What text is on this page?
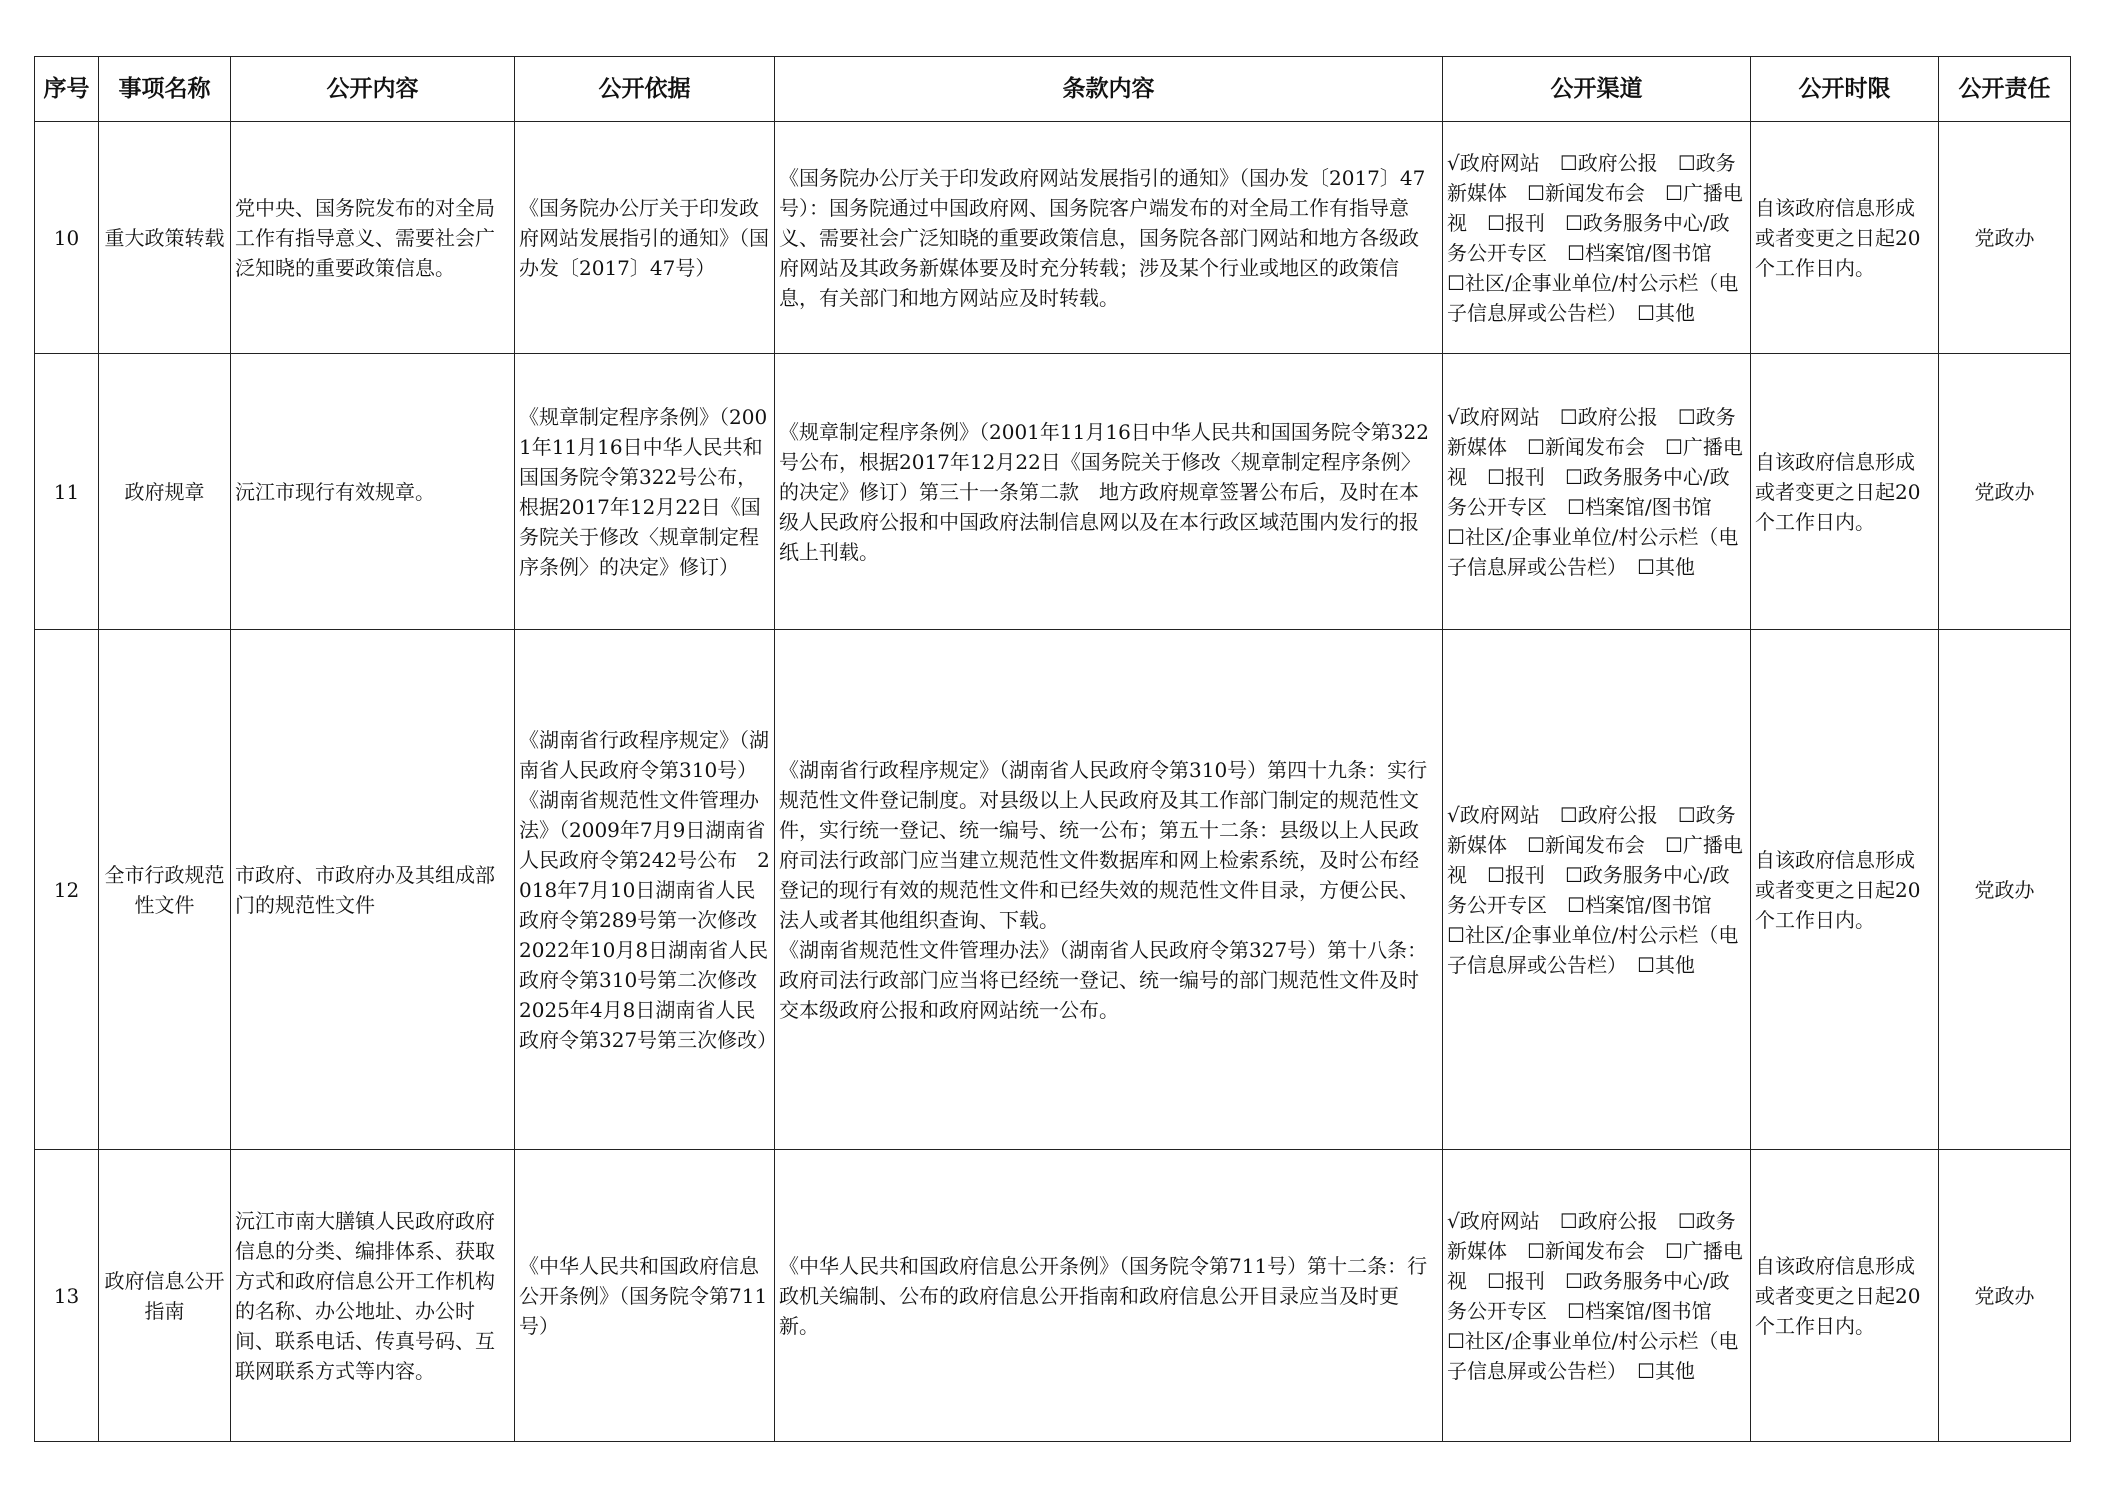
序号	事项名称	公开内容	公开依据	条款内容	公开渠道	公开时限	公开责任
10	重大政策转载	党中央、国务院发布的对全局工作有指导意义、需要社会广泛知晓的重要政策信息。	《国务院办公厅关于印发政府网站发展指引的通知》（国办发〔2017〕47号）	《国务院办公厅关于印发政府网站发展指引的通知》（国办发〔2017〕47号）：国务院通过中国政府网、国务院客户端发布的对全局工作有指导意义、需要社会广泛知晓的重要政策信息，国务院各部门网站和地方各级政府网站及其政务新媒体要及时充分转载；涉及某个行业或地区的政策信息，有关部门和地方网站应及时转载。	√政府网站　 ☐政府公报　 ☐政务新媒体　 ☐新闻发布会　 ☐广播电视　 ☐报刊　 ☐政务服务中心/政务公开专区　 ☐档案馆/图书馆　☐社区/企事业单位/村公示栏（电子信息屏或公告栏）　 ☐其他	自该政府信息形成或者变更之日起20个工作日内。	党政办
11	政府规章	沅江市现行有效规章。	《规章制定程序条例》（2001年11月16日中华人民共和国国务院令第322号公布，根据2017年12月22日《国务院关于修改〈规章制定程序条例〉的决定》修订）	《规章制定程序条例》（2001年11月16日中华人民共和国国务院令第322号公布，根据2017年12月22日《国务院关于修改〈规章制定程序条例〉的决定》修订）第三十一条第二款　地方政府规章签署公布后，及时在本级人民政府公报和中国政府法制信息网以及在本行政区域范围内发行的报纸上刊载。	√政府网站　 ☐政府公报　 ☐政务新媒体　 ☐新闻发布会　 ☐广播电视　 ☐报刊　 ☐政务服务中心/政务公开专区　 ☐档案馆/图书馆　☐社区/企事业单位/村公示栏（电子信息屏或公告栏）　 ☐其他	自该政府信息形成或者变更之日起20个工作日内。	党政办
12	全市行政规范性文件	市政府、市政府办及其组成部门的规范性文件	《湖南省行政程序规定》（湖南省人民政府令第310号）
《湖南省规范性文件管理办法》（2009年7月9日湖南省人民政府令第242号公布　2018年7月10日湖南省人民政府令第289号第一次修改　2022年10月8日湖南省人民政府令第310号第二次修改　2025年4月8日湖南省人民政府令第327号第三次修改）	《湖南省行政程序规定》（湖南省人民政府令第310号）第四十九条：实行规范性文件登记制度。对县级以上人民政府及其工作部门制定的规范性文件，实行统一登记、统一编号、统一公布；第五十二条：县级以上人民政府司法行政部门应当建立规范性文件数据库和网上检索系统，及时公布经登记的现行有效的规范性文件和已经失效的规范性文件目录，方便公民、法人或者其他组织查询、下载。
《湖南省规范性文件管理办法》（湖南省人民政府令第327号）第十八条：政府司法行政部门应当将已经统一登记、统一编号的部门规范性文件及时交本级政府公报和政府网站统一公布。	√政府网站　 ☐政府公报　 ☐政务新媒体　 ☐新闻发布会　 ☐广播电视　 ☐报刊　 ☐政务服务中心/政务公开专区　 ☐档案馆/图书馆　☐社区/企事业单位/村公示栏（电子信息屏或公告栏）　 ☐其他	自该政府信息形成或者变更之日起20个工作日内。	党政办
13	政府信息公开指南	沅江市南大膳镇人民政府政府信息的分类、编排体系、获取方式和政府信息公开工作机构的名称、办公地址、办公时间、联系电话、传真号码、互联网联系方式等内容。	《中华人民共和国政府信息公开条例》（国务院令第711号）	《中华人民共和国政府信息公开条例》（国务院令第711号）第十二条：行政机关编制、公布的政府信息公开指南和政府信息公开目录应当及时更新。	√政府网站　 ☐政府公报　 ☐政务新媒体　 ☐新闻发布会　 ☐广播电视　 ☐报刊　 ☐政务服务中心/政务公开专区　 ☐档案馆/图书馆　☐社区/企事业单位/村公示栏（电子信息屏或公告栏）　 ☐其他	自该政府信息形成或者变更之日起20个工作日内。	党政办
